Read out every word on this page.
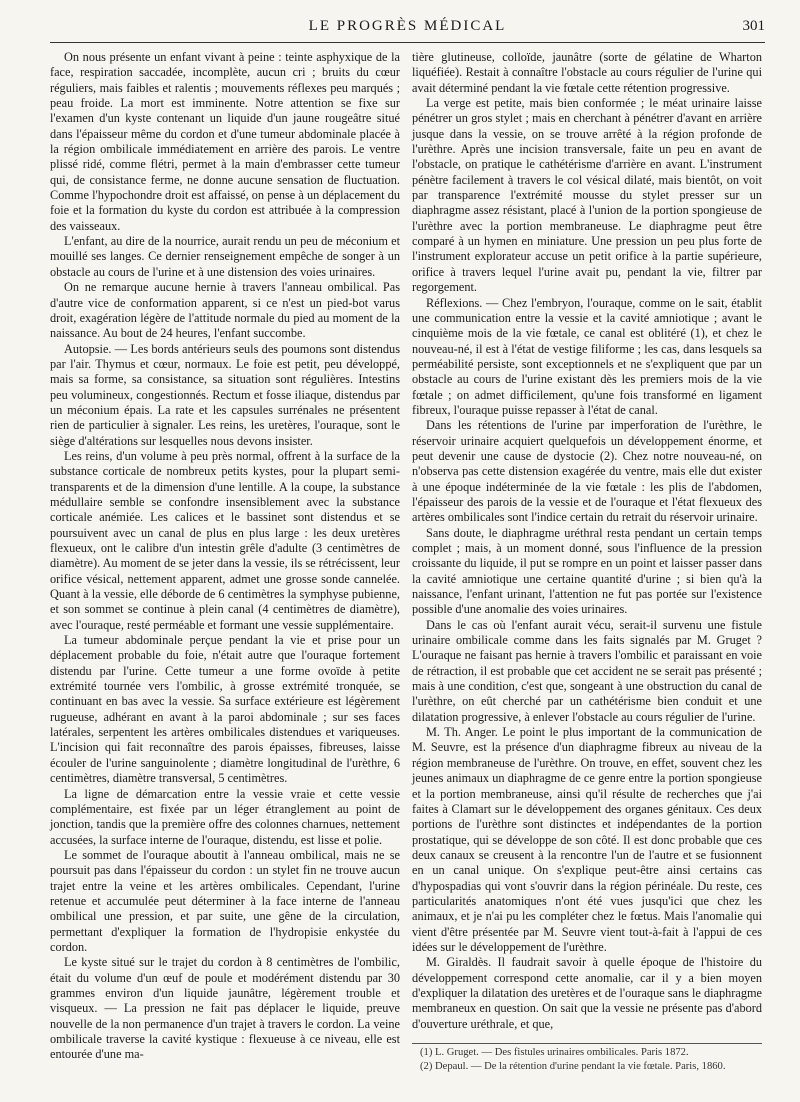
LE PROGRÈS MÉDICAL	301

On nous présente un enfant vivant à peine : teinte asphyxique de la face, respiration saccadée, incomplète, aucun cri ; bruits du cœur réguliers, mais faibles et ralentis ; mouvements réflexes peu marqués ; peau froide. La mort est imminente. Notre attention se fixe sur l'examen d'un kyste contenant un liquide d'un jaune rougeâtre situé dans l'épaisseur même du cordon et d'une tumeur abdominale placée à la région ombilicale immédiatement en arrière des parois. Le ventre plissé ridé, comme flétri, permet à la main d'embrasser cette tumeur qui, de consistance ferme, ne donne aucune sensation de fluctuation. Comme l'hypochondre droit est affaissé, on pense à un déplacement du foie et la formation du kyste du cordon est attribuée à la compression des vaisseaux.

L'enfant, au dire de la nourrice, aurait rendu un peu de méconium et mouillé ses langes. Ce dernier renseignement empêche de songer à un obstacle au cours de l'urine et à une distension des voies urinaires.

On ne remarque aucune hernie à travers l'anneau ombilical. Pas d'autre vice de conformation apparent, si ce n'est un pied-bot varus droit, exagération légère de l'attitude normale du pied au moment de la naissance. Au bout de 24 heures, l'enfant succombe.

Autopsie. — Les bords antérieurs seuls des poumons sont distendus par l'air. Thymus et cœur, normaux. Le foie est petit, peu développé, mais sa forme, sa consistance, sa situation sont régulières. Intestins peu volumineux, congestionnés. Rectum et fosse iliaque, distendus par un méconium épais. La rate et les capsules surrénales ne présentent rien de particulier à signaler. Les reins, les uretères, l'ouraque, sont le siège d'altérations sur lesquelles nous devons insister.

Les reins, d'un volume à peu près normal, offrent à la surface de la substance corticale de nombreux petits kystes, pour la plupart semi-transparents et de la dimension d'une lentille. A la coupe, la substance médullaire semble se confondre insensiblement avec la substance corticale anémiée. Les calices et le bassinet sont distendus et se poursuivent avec un canal de plus en plus large : les deux uretères flexueux, ont le calibre d'un intestin grêle d'adulte (3 centimètres de diamètre). Au moment de se jeter dans la vessie, ils se rétrécissent, leur orifice vésical, nettement apparent, admet une grosse sonde cannelée. Quant à la vessie, elle déborde de 6 centimètres la symphyse pubienne, et son sommet se continue à plein canal (4 centimètres de diamètre), avec l'ouraque, resté perméable et formant une vessie supplémentaire.

La tumeur abdominale perçue pendant la vie et prise pour un déplacement probable du foie, n'était autre que l'ouraque fortement distendu par l'urine. Cette tumeur a une forme ovoïde à petite extrémité tournée vers l'ombilic, à grosse extrémité tronquée, se continuant en bas avec la vessie. Sa surface extérieure est légèrement rugueuse, adhérant en avant à la paroi abdominale ; sur ses faces latérales, serpentent les artères ombilicales distendues et variqueuses. L'incision qui fait reconnaître des parois épaisses, fibreuses, laisse écouler de l'urine sanguinolente ; diamètre longitudinal de l'urèthre, 6 centimètres, diamètre transversal, 5 centimètres.

La ligne de démarcation entre la vessie vraie et cette vessie complémentaire, est fixée par un léger étranglement au point de jonction, tandis que la première offre des colonnes charnues, nettement accusées, la surface interne de l'ouraque, distendu, est lisse et polie.

Le sommet de l'ouraque aboutit à l'anneau ombilical, mais ne se poursuit pas dans l'épaisseur du cordon : un stylet fin ne trouve aucun trajet entre la veine et les artères ombilicales. Cependant, l'urine retenue et accumulée peut déterminer à la face interne de l'anneau ombilical une pression, et par suite, une gêne de la circulation, permettant d'expliquer la formation de l'hydropisie enkystée du cordon.

Le kyste situé sur le trajet du cordon à 8 centimètres de l'ombilic, était du volume d'un œuf de poule et modérément distendu par 30 grammes environ d'un liquide jaunâtre, légèrement trouble et visqueux. — La pression ne fait pas déplacer le liquide, preuve nouvelle de la non permanence d'un trajet à travers le cordon. La veine ombilicale traverse la cavité kystique : flexueuse à ce niveau, elle est entourée d'une ma-

tière glutineuse, colloïde, jaunâtre (sorte de gélatine de Wharton liquéfiée). Restait à connaître l'obstacle au cours régulier de l'urine qui avait déterminé pendant la vie fœtale cette rétention progressive.

La verge est petite, mais bien conformée ; le méat urinaire laisse pénétrer un gros stylet ; mais en cherchant à pénétrer d'avant en arrière jusque dans la vessie, on se trouve arrêté à la région profonde de l'urèthre. Après une incision transversale, faite un peu en avant de l'obstacle, on pratique le cathétérisme d'arrière en avant. L'instrument pénètre facilement à travers le col vésical dilaté, mais bientôt, on voit par transparence l'extrémité mousse du stylet presser sur un diaphragme assez résistant, placé à l'union de la portion spongieuse de l'urèthre avec la portion membraneuse. Le diaphragme peut être comparé à un hymen en miniature. Une pression un peu plus forte de l'instrument explorateur accuse un petit orifice à la partie supérieure, orifice à travers lequel l'urine avait pu, pendant la vie, filtrer par regorgement.

Réflexions. — Chez l'embryon, l'ouraque, comme on le sait, établit une communication entre la vessie et la cavité amniotique ; avant le cinquième mois de la vie fœtale, ce canal est oblitéré (1), et chez le nouveau-né, il est à l'état de vestige filiforme ; les cas, dans lesquels sa perméabilité persiste, sont exceptionnels et ne s'expliquent que par un obstacle au cours de l'urine existant dès les premiers mois de la vie fœtale ; on admet difficilement, qu'une fois transformé en ligament fibreux, l'ouraque puisse repasser à l'état de canal.

Dans les rétentions de l'urine par imperforation de l'urèthre, le réservoir urinaire acquiert quelquefois un développement énorme, et peut devenir une cause de dystocie (2). Chez notre nouveau-né, on n'observa pas cette distension exagérée du ventre, mais elle dut exister à une époque indéterminée de la vie fœtale : les plis de l'abdomen, l'épaisseur des parois de la vessie et de l'ouraque et l'état flexueux des artères ombilicales sont l'indice certain du retrait du réservoir urinaire.

Sans doute, le diaphragme uréthral resta pendant un certain temps complet ; mais, à un moment donné, sous l'influence de la pression croissante du liquide, il put se rompre en un point et laisser passer dans la cavité amniotique une certaine quantité d'urine ; si bien qu'à la naissance, l'enfant urinant, l'attention ne fut pas portée sur l'existence possible d'une anomalie des voies urinaires.

Dans le cas où l'enfant aurait vécu, serait-il survenu une fistule urinaire ombilicale comme dans les faits signalés par M. Gruget ? L'ouraque ne faisant pas hernie à travers l'ombilic et paraissant en voie de rétraction, il est probable que cet accident ne se serait pas présenté ; mais à une condition, c'est que, songeant à une obstruction du canal de l'urèthre, on eût cherché par un cathétérisme bien conduit et une dilatation progressive, à enlever l'obstacle au cours régulier de l'urine.

M. Th. Anger. Le point le plus important de la communication de M. Seuvre, est la présence d'un diaphragme fibreux au niveau de la région membraneuse de l'urèthre. On trouve, en effet, souvent chez les jeunes animaux un diaphragme de ce genre entre la portion spongieuse et la portion membraneuse, ainsi qu'il résulte de recherches que j'ai faites à Clamart sur le développement des organes génitaux. Ces deux portions de l'urèthre sont distinctes et indépendantes de la portion prostatique, qui se développe de son côté. Il est donc probable que ces deux canaux se creusent à la rencontre l'un de l'autre et se fusionnent en un canal unique. On s'explique peut-être ainsi certains cas d'hypospadias qui vont s'ouvrir dans la région périnéale. Du reste, ces particularités anatomiques n'ont été vues jusqu'ici que chez les animaux, et je n'ai pu les compléter chez le fœtus. Mais l'anomalie qui vient d'être présentée par M. Seuvre vient tout-à-fait à l'appui de ces idées sur le développement de l'urèthre.

M. Giraldès. Il faudrait savoir à quelle époque de l'histoire du développement correspond cette anomalie, car il y a bien moyen d'expliquer la dilatation des uretères et de l'ouraque sans le diaphragme membraneux en question. On sait que la vessie ne présente pas d'abord d'ouverture uréthrale, et que,

(1) L. Gruget. — Des fistules urinaires ombilicales. Paris 1872.
(2) Depaul. — De la rétention d'urine pendant la vie fœtale. Paris, 1860.
